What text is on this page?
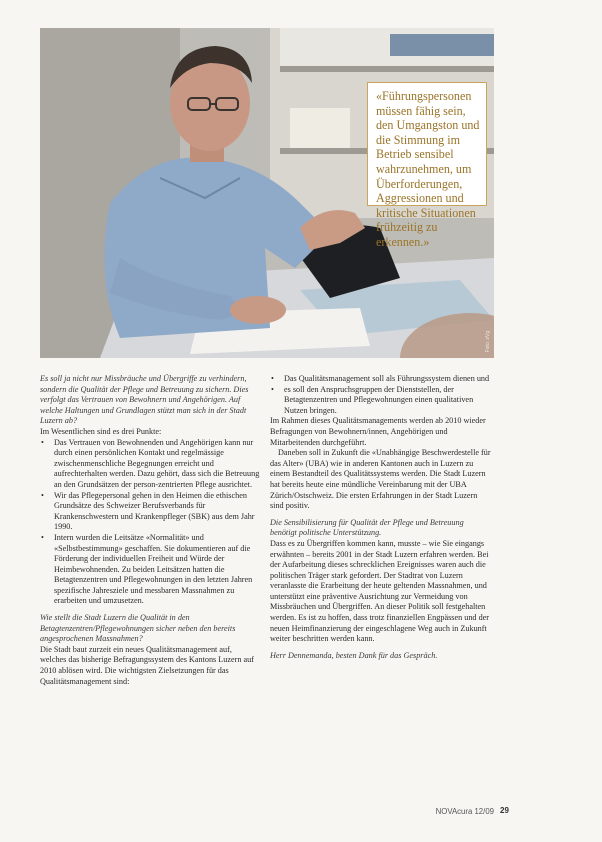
Foto: zVg
«Führungspersonen müssen fähig sein, den Umgangston und die Stimmung im Betrieb sensibel wahrzunehmen, um Überforderungen, Aggressionen und kritische Situationen frühzeitig zu erkennen.»

Es soll ja nicht nur Missbräuche und Übergriffe zu verhindern, sondern die Qualität der Pflege und Betreuung zu sichern. Dies verfolgt das Vertrauen von Bewohnern und Angehörigen. Auf welche Haltungen und Grundlagen stützt man sich in der Stadt Luzern ab?

Im Wesentlichen sind es drei Punkte:

• Das Vertrauen von Bewohnenden und Angehörigen kann nur durch einen persönlichen Kontakt und regelmässige zwischenmenschliche Begegnungen erreicht und aufrechterhalten werden. Dazu gehört, dass sich die Betreuung an den Grundsätzen der person-zentrierten Pflege ausrichtet.
• Wir das Pflegepersonal gehen in den Heimen die ethischen Grundsätze des Schweizer Berufsverbands für Krankenschwestern und Krankenpfleger (SBK) aus dem Jahr 1990.
• Intern wurden die Leitsätze «Normalität» und «Selbstbestimmung» geschaffen. Sie dokumentieren auf die Förderung der individuellen Freiheit und Würde der Heimbewohnenden. Zu beiden Leitsätzen hatten die Betagtenzentren und Pflegewohnungen in den letzten Jahren spezifische Jahresziele und messbaren Massnahmen zu erarbeiten und umzusetzen.

Wie stellt die Stadt Luzern die Qualität in den Betagtenzentren/Pflegewohnungen sicher neben den bereits angesprochenen Massnahmen?

Die Stadt baut zurzeit ein neues Qualitätsmanagement auf, welches das bisherige Befragungssystem des Kantons Luzern auf 2010 ablösen wird. Die wichtigsten Zielsetzungen für das Qualitätsmanagement sind:

• Das Qualitätsmanagement soll als Führungssystem dienen und
• es soll den Anspruchsgruppen der Dienststellen, der Betagtenzentren und Pflegewohnungen einen qualitativen Nutzen bringen.

Im Rahmen dieses Qualitätsmanagements werden ab 2010 wieder Befragungen von Bewohnern/innen, Angehörigen und Mitarbeitenden durchgeführt.

Daneben soll in Zukunft die «Unabhängige Beschwerdestelle für das Alter» (UBA) wie in anderen Kantonen auch in Luzern zu einem Bestandteil des Qualitätssystems werden. Die Stadt Luzern hat bereits heute eine mündliche Vereinbarung mit der UBA Zürich/Ostschweiz. Die ersten Erfahrungen in der Stadt Luzern sind positiv.

Die Sensibilisierung für Qualität der Pflege und Betreuung benötigt politische Unterstützung.

Dass es zu Übergriffen kommen kann, musste – wie Sie eingangs erwähnten – bereits 2001 in der Stadt Luzern erfahren werden. Bei der Aufarbeitung dieses schrecklichen Ereignisses waren auch die politischen Träger stark gefordert. Der Stadtrat von Luzern veranlasste die Erarbeitung der heute geltenden Massnahmen, und unterstützt eine präventive Ausrichtung zur Vermeidung von Missbräuchen und Übergriffen. An dieser Politik soll festgehalten werden. Es ist zu hoffen, dass trotz finanziellen Engpässen und der neuen Heimfinanzierung der eingeschlagene Weg auch in Zukunft weiter beschritten werden kann.

Herr Dennemanda, besten Dank für das Gespräch.

NOVAcura 12/09 29
